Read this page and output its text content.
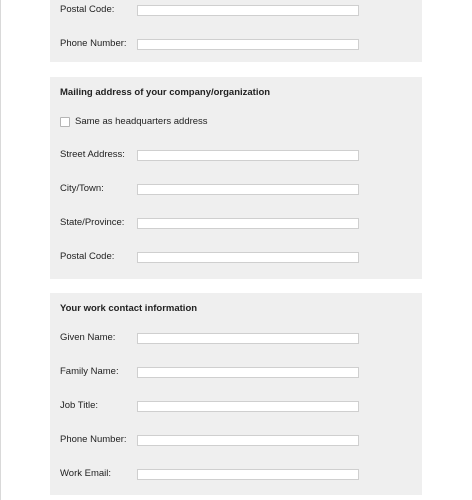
Postal Code:
Phone Number:
Mailing address of your company/organization
Same as headquarters address
Street Address:
City/Town:
State/Province:
Postal Code:
Your work contact information
Given Name:
Family Name:
Job Title:
Phone Number:
Work Email:
